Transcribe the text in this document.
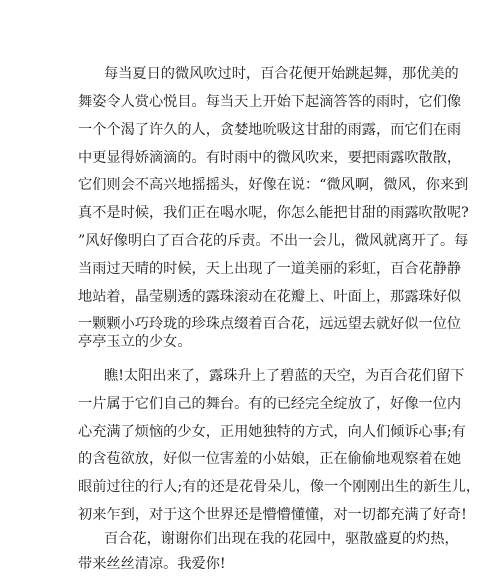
每当夏日的微风吹过时，百合花便开始跳起舞，那优美的
舞姿令人赏心悦目。每当天上开始下起滴答答的雨时，它们像
一个个渴了许久的人，贪婪地吮吸这甘甜的雨露，而它们在雨
中更显得娇滴滴的。有时雨中的微风吹来，要把雨露吹散散，
它们则会不高兴地摇摇头，好像在说：“微风啊，微风，你来到
真不是时候，我们正在喝水呢，你怎么能把甘甜的雨露吹散呢?
”风好像明白了百合花的斥责。不出一会儿，微风就离开了。每
当雨过天晴的时候，天上出现了一道美丽的彩虹，百合花静静
地站着，晶莹剔透的露珠滚动在花瓣上、叶面上，那露珠好似
一颗颗小巧玲珑的珍珠点缀着百合花，远远望去就好似一位位
亭亭玉立的少女。
瞧!太阳出来了，露珠升上了碧蓝的天空，为百合花们留下
一片属于它们自己的舞台。有的已经完全绽放了，好像一位内
心充满了烦恼的少女，正用她独特的方式，向人们倾诉心事;有
的含苞欲放，好似一位害羞的小姑娘，正在偷偷地观察着在她
眼前过往的行人;有的还是花骨朵儿，像一个刚刚出生的新生儿，
初来乍到，对于这个世界还是懵懵懂懂，对一切都充满了好奇!
百合花，谢谢你们出现在我的花园中，驱散盛夏的灼热，
带来丝丝清凉。我爱你!
